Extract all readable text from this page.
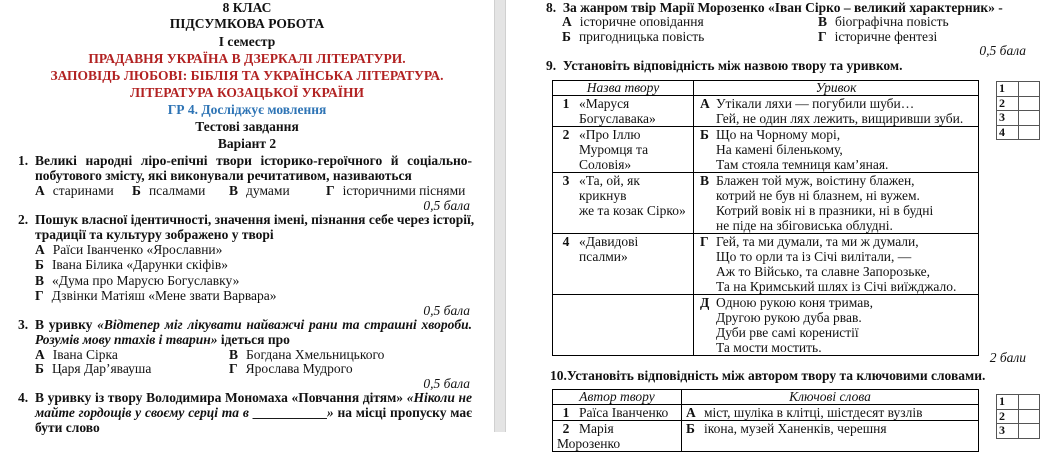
8 КЛАС
ПІДСУМКОВА РОБОТА
І семестр
ПРАДАВНЯ УКРАЇНА В ДЗЕРКАЛІ ЛІТЕРАТУРИ.
ЗАПОВІДЬ ЛЮБОВІ: БІБЛІЯ ТА УКРАЇНСЬКА ЛІТЕРАТУРА.
ЛІТЕРАТУРА КОЗАЦЬКОЇ УКРАЇНИ
ГР 4. Досліджує мовлення
Тестові завдання
Варіант 2
1. Великі народні ліро-епічні твори історико-героїчного й соціально-
побутового змісту, які виконували речитативом, називаються
А старинами Б псалмами В думами	Г історичними піснями
0,5 бала
2. Пошук власної ідентичності, значення імені, пізнання себе через історії,
традиції та культуру зображено у творі
А Раїси Іванченко «Ярославни»
Б Івана Білика «Дарунки скіфів»
В «Дума про Марусю Богуславку»
Г Дзвінки Матіяш «Мене звати Варвара»
0,5 бала
3. В уривку «Відтепер міг лікувати найважчі рани та страшні хвороби.
Розумів мову птахів і тварин» ідеться про
А Івана Сірка	В Богдана Хмельницького
Б Царя Дар’явауша	Г Ярослава Мудрого
0,5 бала
4. В уривку із твору Володимира Мономаха «Повчання дітям» «Ніколи не
майте гордощів у своєму серці та в ___________» на місці пропуску має
бути слово
8. За жанром твір Марії Морозенко «Іван Сірко – великий характерник» -
А історичне оповідання	В біографічна повість
Б пригодницька повість	Г історичне фентезі
0,5 бала
9. Установіть відповідність між назвою твору та уривком.
Назва твору	Уривок

1 «Маруся
Богуславака»	А Утікали ляхи — погубили шуби…
Гей, не один лях лежить, вищиривши зуби.

2 «Про Іллю
Муромця та
Соловія»	Б Що на Чорному морі,
На камені біленькому,
Там стояла темниця кам’яная.

3 «Та, ой, як крикнув
же та козак Сірко»	В Блажен той муж, воістину блажен,
котрий не був ні блазнем, ні вужем.
Котрий вовік ні в празники, ні в будні
не піде на збіговиська облудні.

4 «Давидові псалми»	Г Гей, та ми думали, та ми ж думали,
Що то орли та із Січі вилітали, —
Аж то Військо, та славне Запорозьке,
Та на Кримський шлях із Січі виїжджало.

	Д Одною рукою коня тримав,
Другою рукою дуба рвав.
Дуби рве самі коренистії
Та мости мостить.
1	
2	
3	
4	
2 бали
10.Установіть відповідність між автором твору та ключовими словами.
Автор твору	Ключові слова
1 Раїса Іванченко	А міст, шуліка в клітці, шістдесят вузлів
2 Марія Морозенко	Б ікона, музей Ханенків, черешня
1	
2	
3	
